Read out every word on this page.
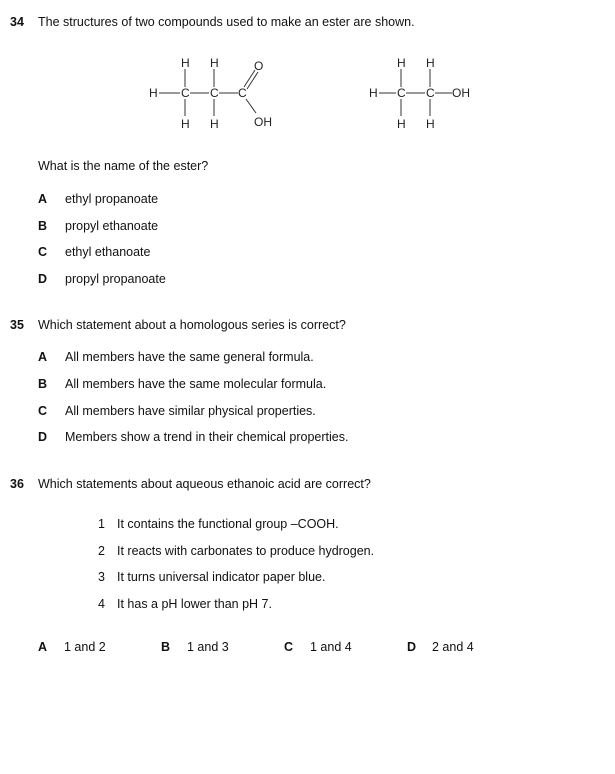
34 The structures of two compounds used to make an ester are shown.
H C C C
H H	O
H H	OH
H C C OH
H H
H H
What is the name of the ester?
A ethyl propanoate
B propyl ethanoate
C ethyl ethanoate
D propyl propanoate
35 Which statement about a homologous series is correct?
A All members have the same general formula.
B All members have the same molecular formula.
C All members have similar physical properties.
D Members show a trend in their chemical properties.
36 Which statements about aqueous ethanoic acid are correct?
1 It contains the functional group –COOH.
2 It reacts with carbonates to produce hydrogen.
3 It turns universal indicator paper blue.
4 It has a pH lower than pH 7.
A 1 and 2	B 1 and 3	C 1 and 4	D 2 and 4
